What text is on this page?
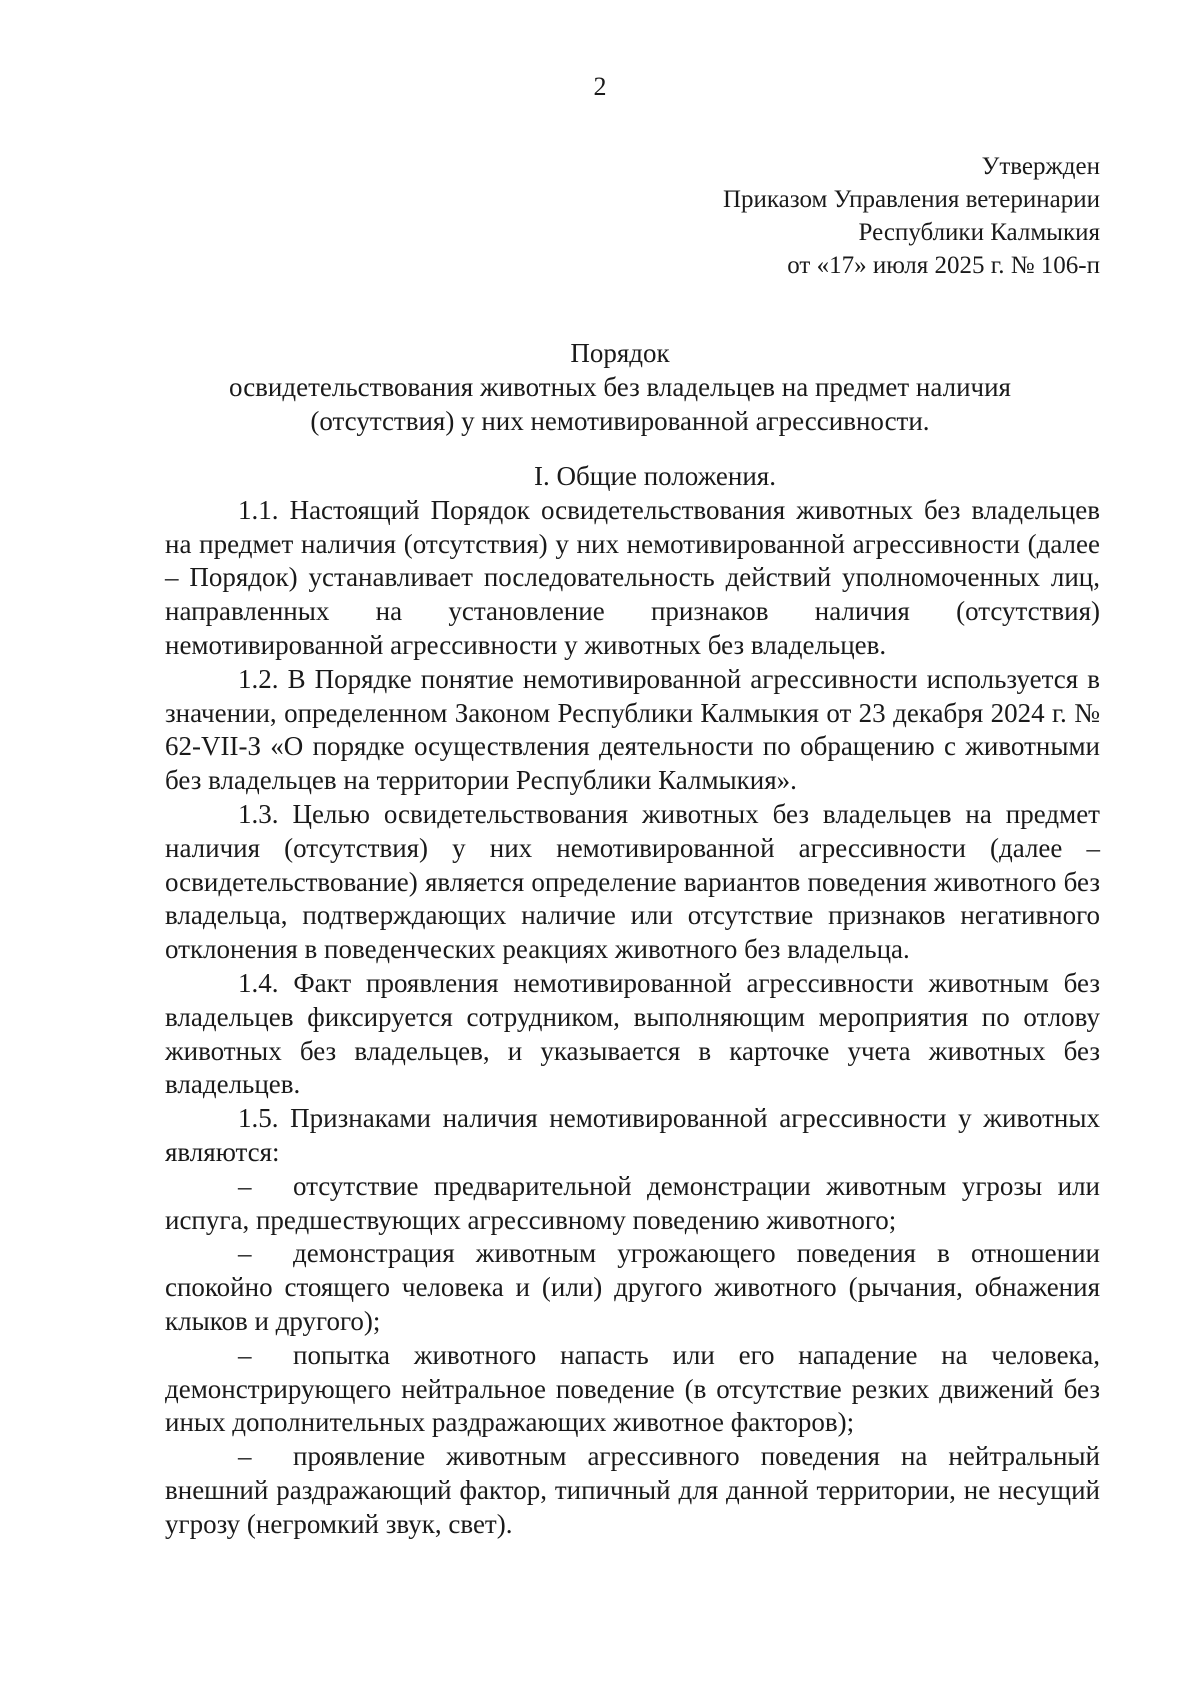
2
Утвержден
Приказом Управления ветеринарии
Республики Калмыкия
от «17» июля 2025 г. № 106-п
Порядок
освидетельствования животных без владельцев на предмет наличия
(отсутствия) у них немотивированной агрессивности.
I. Общие положения.

1.1. Настоящий Порядок освидетельствования животных без владельцев на предмет наличия (отсутствия) у них немотивированной агрессивности (далее – Порядок) устанавливает последовательность действий уполномоченных лиц, направленных на установление признаков наличия (отсутствия) немотивированной агрессивности у животных без владельцев.

1.2. В Порядке понятие немотивированной агрессивности используется в значении, определенном Законом Республики Калмыкия от 23 декабря 2024 г. № 62-VII-З «О порядке осуществления деятельности по обращению с животными без владельцев на территории Республики Калмыкия».

1.3. Целью освидетельствования животных без владельцев на предмет наличия (отсутствия) у них немотивированной агрессивности (далее – освидетельствование) является определение вариантов поведения животного без владельца, подтверждающих наличие или отсутствие признаков негативного отклонения в поведенческих реакциях животного без владельца.

1.4. Факт проявления немотивированной агрессивности животным без владельцев фиксируется сотрудником, выполняющим мероприятия по отлову животных без владельцев, и указывается в карточке учета животных без владельцев.

1.5. Признаками наличия немотивированной агрессивности у животных являются:

– отсутствие предварительной демонстрации животным угрозы или испуга, предшествующих агрессивному поведению животного;

– демонстрация животным угрожающего поведения в отношении спокойно стоящего человека и (или) другого животного (рычания, обнажения клыков и другого);

– попытка животного напасть или его нападение на человека, демонстрирующего нейтральное поведение (в отсутствие резких движений без иных дополнительных раздражающих животное факторов);

– проявление животным агрессивного поведения на нейтральный внешний раздражающий фактор, типичный для данной территории, не несущий угрозу (негромкий звук, свет).
